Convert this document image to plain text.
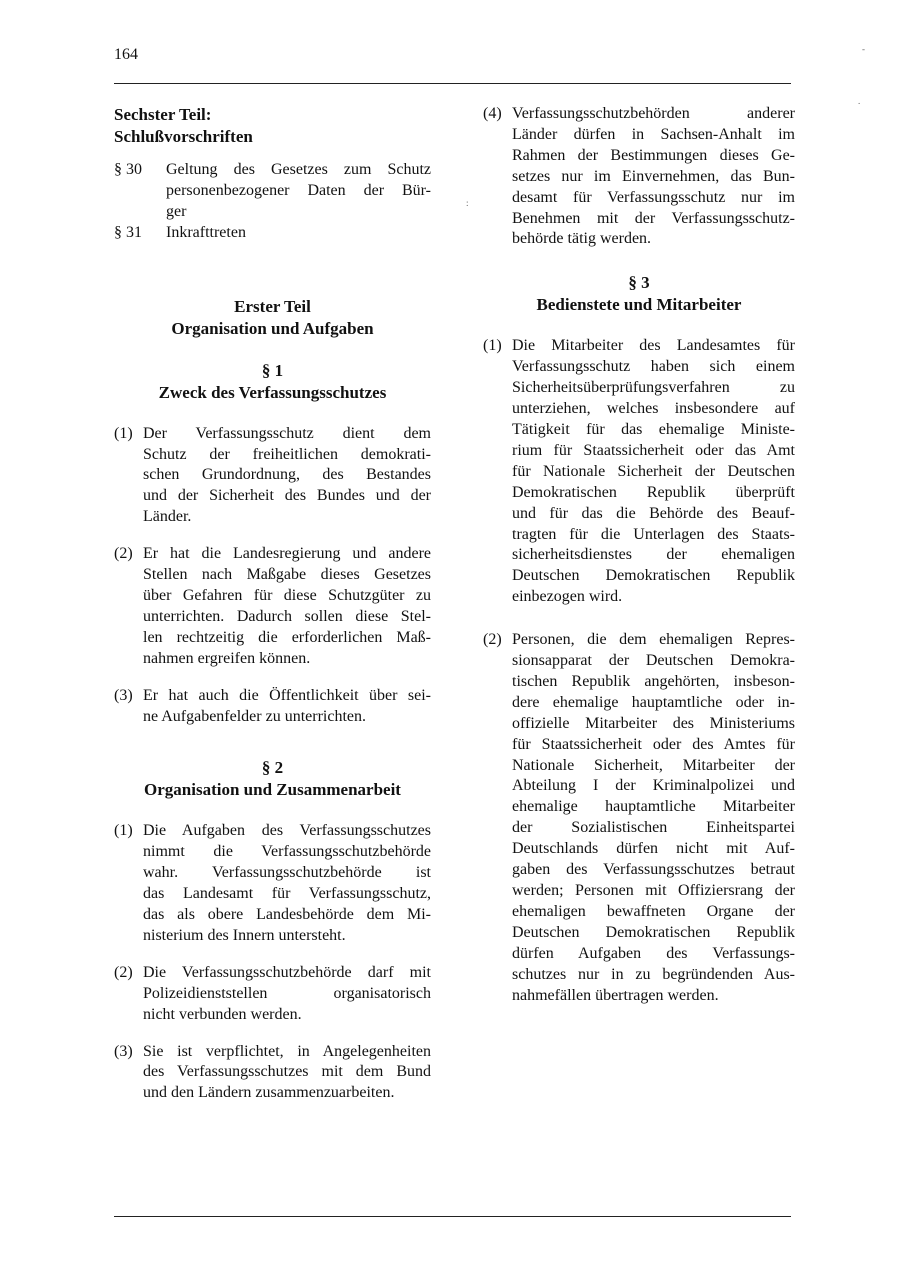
164
Sechster Teil:
Schlußvorschriften
§ 30	Geltung des Gesetzes zum Schutz
personenbezogener Daten der Bür-
ger
§ 31	Inkrafttreten
Erster Teil
Organisation und Aufgaben
§ 1
Zweck des Verfassungsschutzes
(1) Der Verfassungsschutz dient dem
Schutz der freiheitlichen demokrati-
schen Grundordnung, des Bestandes
und der Sicherheit des Bundes und der
Länder.
(2) Er hat die Landesregierung und andere
Stellen nach Maßgabe dieses Gesetzes
über Gefahren für diese Schutzgüter zu
unterrichten. Dadurch sollen diese Stel-
len rechtzeitig die erforderlichen Maß-
nahmen ergreifen können.
(3) Er hat auch die Öffentlichkeit über sei-
ne Aufgabenfelder zu unterrichten.
§ 2
Organisation und Zusammenarbeit
(1) Die Aufgaben des Verfassungsschutzes
nimmt die Verfassungsschutzbehörde
wahr. Verfassungsschutzbehörde ist
das Landesamt für Verfassungsschutz,
das als obere Landesbehörde dem Mi-
nisterium des Innern untersteht.
(2) Die Verfassungsschutzbehörde darf mit
Polizeidienststellen organisatorisch
nicht verbunden werden.
(3) Sie ist verpflichtet, in Angelegenheiten
des Verfassungsschutzes mit dem Bund
und den Ländern zusammenzuarbeiten.
(4) Verfassungsschutzbehörden anderer
Länder dürfen in Sachsen-Anhalt im
Rahmen der Bestimmungen dieses Ge-
setzes nur im Einvernehmen, das Bun-
desamt für Verfassungsschutz nur im
Benehmen mit der Verfassungsschutz-
behörde tätig werden.
§ 3
Bedienstete und Mitarbeiter
(1) Die Mitarbeiter des Landesamtes für
Verfassungsschutz haben sich einem
Sicherheitsüberprüfungsverfahren zu
unterziehen, welches insbesondere auf
Tätigkeit für das ehemalige Ministe-
rium für Staatssicherheit oder das Amt
für Nationale Sicherheit der Deutschen
Demokratischen Republik überprüft
und für das die Behörde des Beauf-
tragten für die Unterlagen des Staats-
sicherheitsdienstes der ehemaligen
Deutschen Demokratischen Republik
einbezogen wird.
(2) Personen, die dem ehemaligen Repres-
sionsapparat der Deutschen Demokra-
tischen Republik angehörten, insbeson-
dere ehemalige hauptamtliche oder in-
offizielle Mitarbeiter des Ministeriums
für Staatssicherheit oder des Amtes für
Nationale Sicherheit, Mitarbeiter der
Abteilung I der Kriminalpolizei und
ehemalige hauptamtliche Mitarbeiter
der Sozialistischen Einheitspartei
Deutschlands dürfen nicht mit Auf-
gaben des Verfassungsschutzes betraut
werden; Personen mit Offiziersrang der
ehemaligen bewaffneten Organe der
Deutschen Demokratischen Republik
dürfen Aufgaben des Verfassungs-
schutzes nur in zu begründenden Aus-
nahmefällen übertragen werden.
-
.
:
